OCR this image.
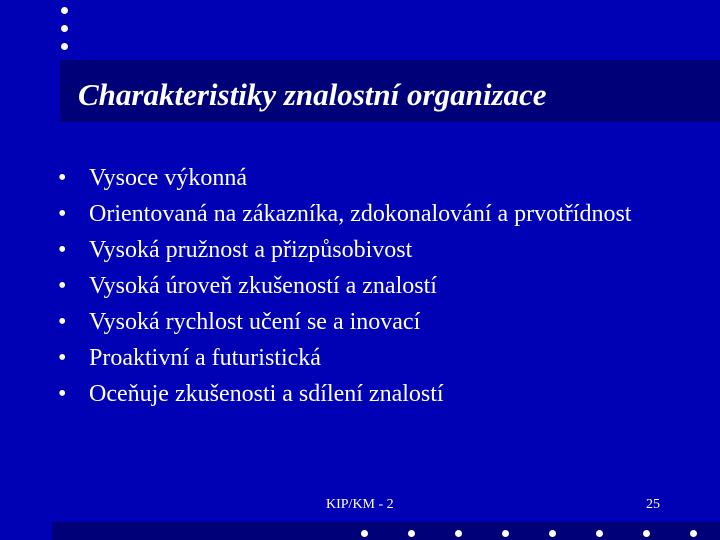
Charakteristiky znalostní organizace
• Vysoce výkonná
• Orientovaná na zákazníka, zdokonalování a prvotřídnost
• Vysoká pružnost a přizpůsobivost
• Vysoká úroveň zkušeností a znalostí
• Vysoká rychlost učení se a inovací
• Proaktivní a futuristická
• Oceňuje zkušenosti a sdílení znalostí
KIP/KM - 2	25
